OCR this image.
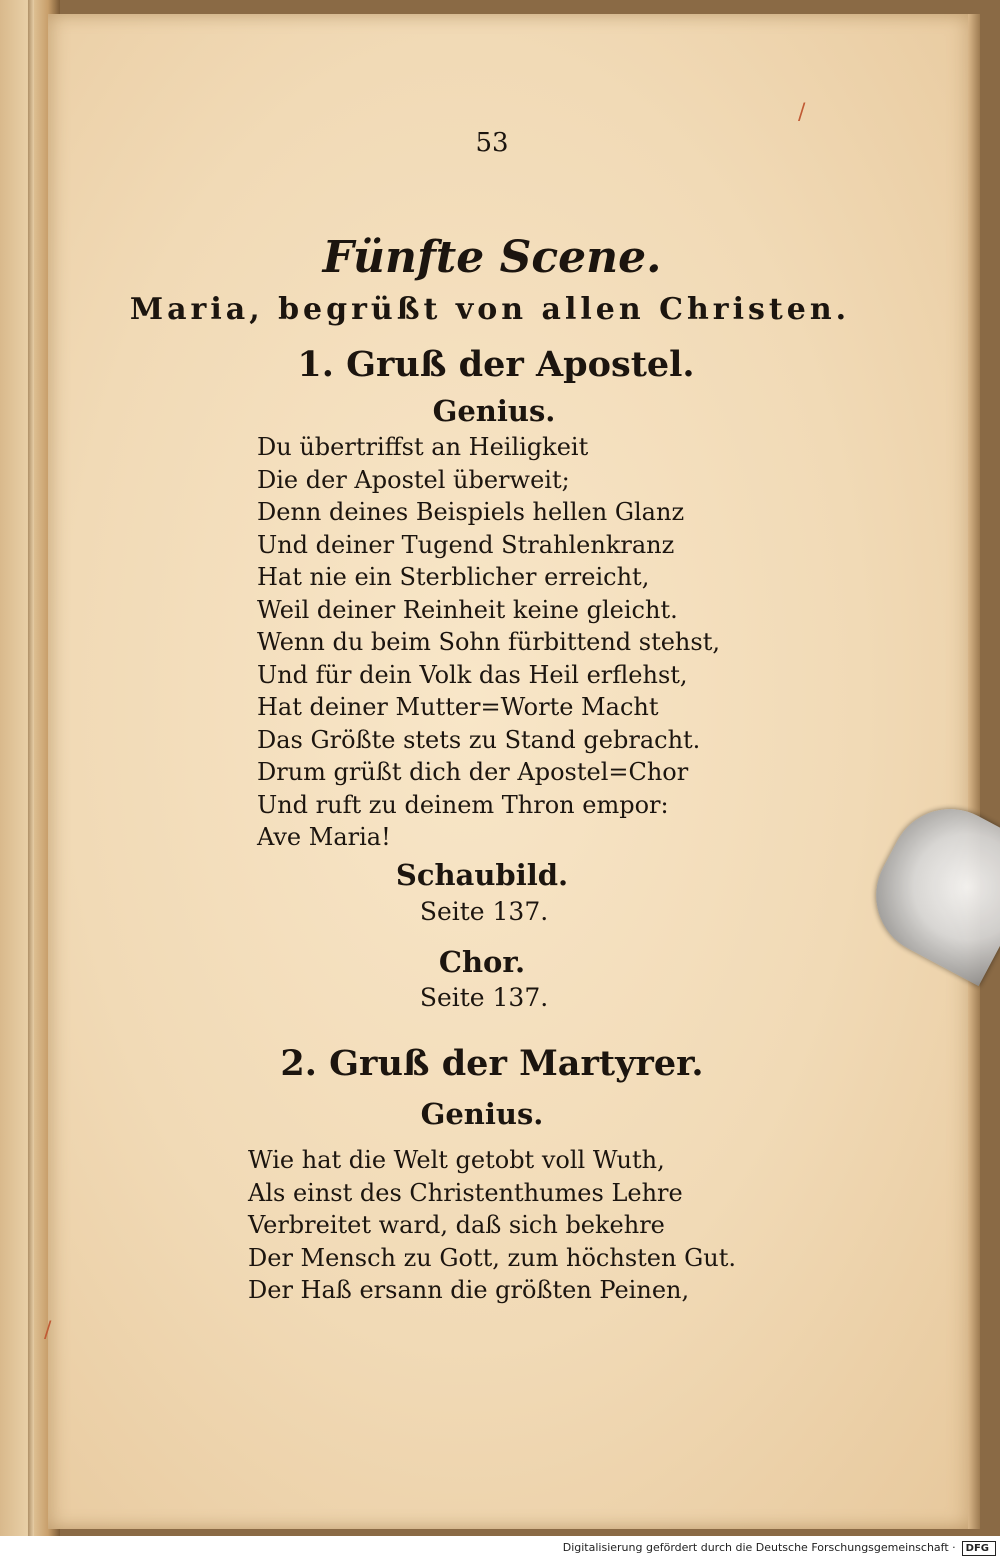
/
/
53
Fünfte Scene.
Maria, begrüßt von allen Christen.
1. Gruß der Apostel.
Genius.
Du übertriffst an Heiligkeit
Die der Apostel überweit;
Denn deines Beispiels hellen Glanz
Und deiner Tugend Strahlenkranz
Hat nie ein Sterblicher erreicht,
Weil deiner Reinheit keine gleicht.
Wenn du beim Sohn fürbittend stehst,
Und für dein Volk das Heil erflehst,
Hat deiner Mutter=Worte Macht
Das Größte stets zu Stand gebracht.
Drum grüßt dich der Apostel=Chor
Und ruft zu deinem Thron empor:
Ave Maria!
Schaubild.
Seite 137.
Chor.
Seite 137.
2. Gruß der Martyrer.
Genius.
Wie hat die Welt getobt voll Wuth,
Als einst des Christenthumes Lehre
Verbreitet ward, daß sich bekehre
Der Mensch zu Gott, zum höchsten Gut.
Der Haß ersann die größten Peinen,
Digitalisierung gefördert durch die Deutsche Forschungsgemeinschaft · DFG
